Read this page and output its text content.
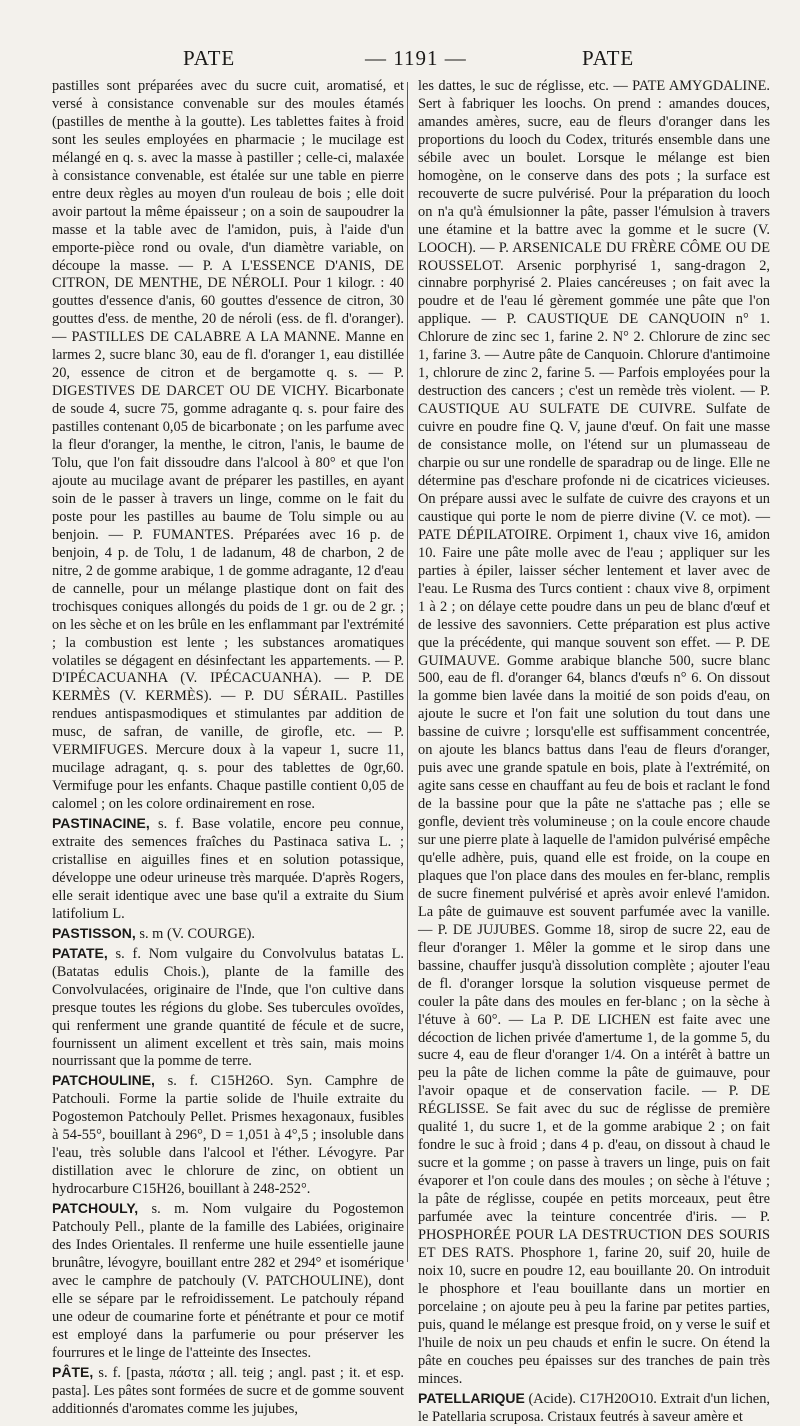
PATE	— 1191 —	PATE

pastilles sont préparées avec du sucre cuit, aromatisé, et versé à consistance convenable sur des moules étamés (pastilles de menthe à la goutte). Les tablettes faites à froid sont les seules employées en pharmacie ; le mucilage est mélangé en q. s. avec la masse à pastiller ; celle-ci, malaxée à consistance convenable, est étalée sur une table en pierre entre deux règles au moyen d'un rouleau de bois ; elle doit avoir partout la même épaisseur ; on a soin de saupoudrer la masse et la table avec de l'amidon, puis, à l'aide d'un emporte-pièce rond ou ovale, d'un diamètre variable, on découpe la masse. — P. A L'ESSENCE D'ANIS, DE CITRON, DE MENTHE, DE NÉROLI. Pour 1 kilogr. : 40 gouttes d'essence d'anis, 60 gouttes d'essence de citron, 30 gouttes d'ess. de menthe, 20 de néroli (ess. de fl. d'oranger). — PASTILLES DE CALABRE A LA MANNE. Manne en larmes 2, sucre blanc 30, eau de fl. d'oranger 1, eau distillée 20, essence de citron et de bergamotte q. s. — P. DIGESTIVES DE DARCET OU DE VICHY. Bicarbonate de soude 4, sucre 75, gomme adragante q. s. pour faire des pastilles contenant 0,05 de bicarbonate ; on les parfume avec la fleur d'oranger, la menthe, le citron, l'anis, le baume de Tolu, que l'on fait dissoudre dans l'alcool à 80° et que l'on ajoute au mucilage avant de préparer les pastilles, en ayant soin de le passer à travers un linge, comme on le fait du poste pour les pastilles au baume de Tolu simple ou au benjoin. — P. FUMANTES. Préparées avec 16 p. de benjoin, 4 p. de Tolu, 1 de ladanum, 48 de charbon, 2 de nitre, 2 de gomme arabique, 1 de gomme adragante, 12 d'eau de cannelle, pour un mélange plastique dont on fait des trochisques coniques allongés du poids de 1 gr. ou de 2 gr. ; on les sèche et on les brûle en les enflammant par l'extrémité ; la combustion est lente ; les substances aromatiques volatiles se dégagent en désinfectant les appartements. — P. D'IPÉCACUANHA (V. IPÉCACUANHA). — P. DE KERMÈS (V. KERMÈS). — P. DU SÉRAIL. Pastilles rendues antispasmodiques et stimulantes par addition de musc, de safran, de vanille, de girofle, etc. — P. VERMIFUGES. Mercure doux à la vapeur 1, sucre 11, mucilage adragant, q. s. pour des tablettes de 0gr,60. Vermifuge pour les enfants. Chaque pastille contient 0,05 de calomel ; on les colore ordinairement en rose.

PASTINACINE, s. f. Base volatile, encore peu connue, extraite des semences fraîches du Pastinaca sativa L. ; cristallise en aiguilles fines et en solution potassique, développe une odeur urineuse très marquée. D'après Rogers, elle serait identique avec une base qu'il a extraite du Sium latifolium L.

PASTISSON, s. m (V. COURGE).

PATATE, s. f. Nom vulgaire du Convolvulus batatas L. (Batatas edulis Chois.), plante de la famille des Convolvulacées, originaire de l'Inde, que l'on cultive dans presque toutes les régions du globe. Ses tubercules ovoïdes, qui renferment une grande quantité de fécule et de sucre, fournissent un aliment excellent et très sain, mais moins nourrissant que la pomme de terre.

PATCHOULINE, s. f. C15H26O. Syn. Camphre de Patchouli. Forme la partie solide de l'huile extraite du Pogostemon Patchouly Pellet. Prismes hexagonaux, fusibles à 54-55°, bouillant à 296°, D = 1,051 à 4°,5 ; insoluble dans l'eau, très soluble dans l'alcool et l'éther. Lévogyre. Par distillation avec le chlorure de zinc, on obtient un hydrocarbure C15H26, bouillant à 248-252°.

PATCHOULY, s. m. Nom vulgaire du Pogostemon Patchouly Pell., plante de la famille des Labiées, originaire des Indes Orientales. Il renferme une huile essentielle jaune brunâtre, lévogyre, bouillant entre 282 et 294° et isomérique avec le camphre de patchouly (V. PATCHOULINE), dont elle se sépare par le refroidissement. Le patchouly répand une odeur de coumarine forte et pénétrante et pour ce motif est employé dans la parfumerie ou pour préserver les fourrures et le linge de l'atteinte des Insectes.

PÂTE, s. f. [pasta, πάστα ; all. teig ; angl. past ; it. et esp. pasta]. Les pâtes sont formées de sucre et de gomme souvent additionnés d'aromates comme les jujubes,

les dattes, le suc de réglisse, etc. — PATE AMYGDALINE. Sert à fabriquer les loochs. On prend : amandes douces, amandes amères, sucre, eau de fleurs d'oranger dans les proportions du looch du Codex, triturés ensemble dans une sébile avec un boulet. Lorsque le mélange est bien homogène, on le conserve dans des pots ; la surface est recouverte de sucre pulvérisé. Pour la préparation du looch on n'a qu'à émulsionner la pâte, passer l'émulsion à travers une étamine et la battre avec la gomme et le sucre (V. LOOCH). — P. ARSENICALE DU FRÈRE CÔME OU DE ROUSSELOT. Arsenic porphyrisé 1, sang-dragon 2, cinnabre porphyrisé 2. Plaies cancéreuses ; on fait avec la poudre et de l'eau lé gèrement gommée une pâte que l'on applique. — P. CAUSTIQUE DE CANQUOIN n° 1. Chlorure de zinc sec 1, farine 2. N° 2. Chlorure de zinc sec 1, farine 3. — Autre pâte de Canquoin. Chlorure d'antimoine 1, chlorure de zinc 2, farine 5. — Parfois employées pour la destruction des cancers ; c'est un remède très violent. — P. CAUSTIQUE AU SULFATE DE CUIVRE. Sulfate de cuivre en poudre fine Q. V, jaune d'œuf. On fait une masse de consistance molle, on l'étend sur un plumasseau de charpie ou sur une rondelle de sparadrap ou de linge. Elle ne détermine pas d'eschare profonde ni de cicatrices vicieuses. On prépare aussi avec le sulfate de cuivre des crayons et un caustique qui porte le nom de pierre divine (V. ce mot). — PATE DÉPILATOIRE. Orpiment 1, chaux vive 16, amidon 10. Faire une pâte molle avec de l'eau ; appliquer sur les parties à épiler, laisser sécher lentement et laver avec de l'eau. Le Rusma des Turcs contient : chaux vive 8, orpiment 1 à 2 ; on délaye cette poudre dans un peu de blanc d'œuf et de lessive des savonniers. Cette préparation est plus active que la précédente, qui manque souvent son effet. — P. DE GUIMAUVE. Gomme arabique blanche 500, sucre blanc 500, eau de fl. d'oranger 64, blancs d'œufs n° 6. On dissout la gomme bien lavée dans la moitié de son poids d'eau, on ajoute le sucre et l'on fait une solution du tout dans une bassine de cuivre ; lorsqu'elle est suffisamment concentrée, on ajoute les blancs battus dans l'eau de fleurs d'oranger, puis avec une grande spatule en bois, plate à l'extrémité, on agite sans cesse en chauffant au feu de bois et raclant le fond de la bassine pour que la pâte ne s'attache pas ; elle se gonfle, devient très volumineuse ; on la coule encore chaude sur une pierre plate à laquelle de l'amidon pulvérisé empêche qu'elle adhère, puis, quand elle est froide, on la coupe en plaques que l'on place dans des moules en fer-blanc, remplis de sucre finement pulvérisé et après avoir enlevé l'amidon. La pâte de guimauve est souvent parfumée avec la vanille. — P. DE JUJUBES. Gomme 18, sirop de sucre 22, eau de fleur d'oranger 1. Mêler la gomme et le sirop dans une bassine, chauffer jusqu'à dissolution complète ; ajouter l'eau de fl. d'oranger lorsque la solution visqueuse permet de couler la pâte dans des moules en fer-blanc ; on la sèche à l'étuve à 60°. — La P. DE LICHEN est faite avec une décoction de lichen privée d'amertume 1, de la gomme 5, du sucre 4, eau de fleur d'oranger 1/4. On a intérêt à battre un peu la pâte de lichen comme la pâte de guimauve, pour l'avoir opaque et de conservation facile. — P. DE RÉGLISSE. Se fait avec du suc de réglisse de première qualité 1, du sucre 1, et de la gomme arabique 2 ; on fait fondre le suc à froid ; dans 4 p. d'eau, on dissout à chaud le sucre et la gomme ; on passe à travers un linge, puis on fait évaporer et l'on coule dans des moules ; on sèche à l'étuve ; la pâte de réglisse, coupée en petits morceaux, peut être parfumée avec la teinture concentrée d'iris. — P. PHOSPHORÉE POUR LA DESTRUCTION DES SOURIS ET DES RATS. Phosphore 1, farine 20, suif 20, huile de noix 10, sucre en poudre 12, eau bouillante 20. On introduit le phosphore et l'eau bouillante dans un mortier en porcelaine ; on ajoute peu à peu la farine par petites parties, puis, quand le mélange est presque froid, on y verse le suif et l'huile de noix un peu chauds et enfin le sucre. On étend la pâte en couches peu épaisses sur des tranches de pain très minces.

PATELLARIQUE (Acide). C17H20O10. Extrait d'un lichen, le Patellaria scruposa. Cristaux feutrés à saveur amère et
